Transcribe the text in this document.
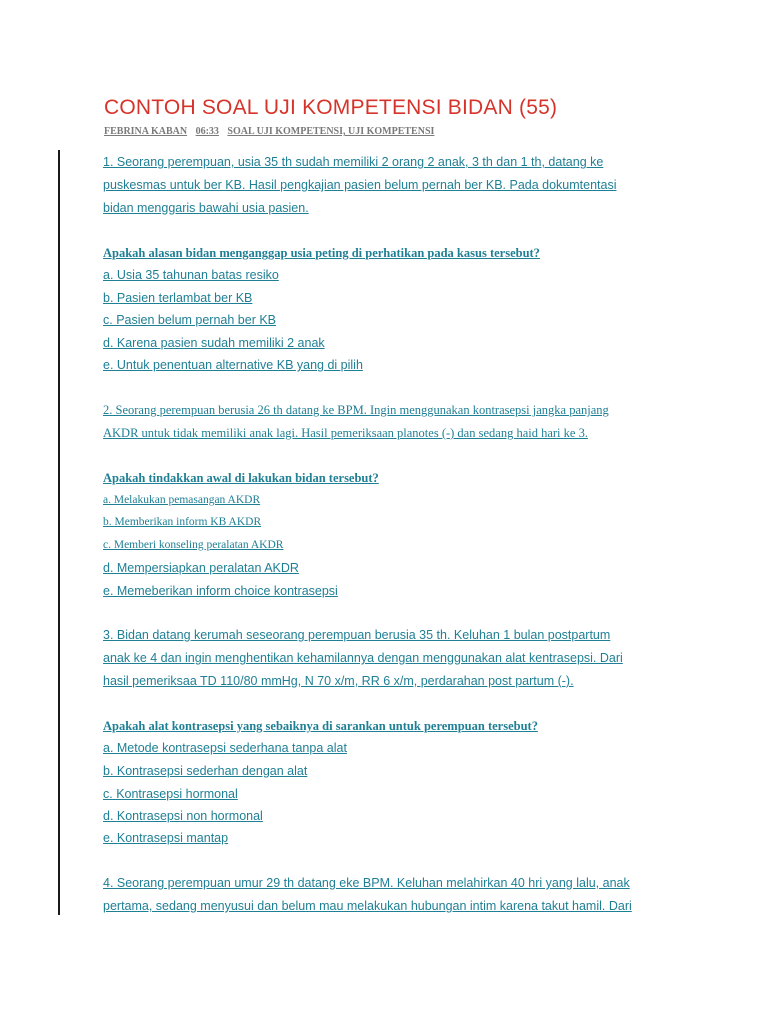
CONTOH SOAL UJI KOMPETENSI BIDAN (55)
FEBRINA KABAN 06:33 SOAL UJI KOMPETENSI, UJI KOMPETENSI
1. Seorang perempuan, usia 35 th sudah memiliki 2 orang 2 anak, 3 th dan 1 th, datang ke
puskesmas untuk ber KB. Hasil pengkajian pasien belum pernah ber KB. Pada dokumtentasi
bidan menggaris bawahi usia pasien.
Apakah alasan bidan menganggap usia peting di perhatikan pada kasus tersebut?
a. Usia 35 tahunan batas resiko
b. Pasien terlambat ber KB
c. Pasien belum pernah ber KB
d. Karena pasien sudah memiliki 2 anak
e. Untuk penentuan alternative KB yang di pilih
2. Seorang perempuan berusia 26 th datang ke BPM. Ingin menggunakan kontrasepsi jangka panjang
AKDR untuk tidak memiliki anak lagi. Hasil pemeriksaan planotes (-) dan sedang haid hari ke 3.
Apakah tindakkan awal di lakukan bidan tersebut?
a. Melakukan pemasangan AKDR
b. Memberikan inform KB AKDR
c. Memberi konseling peralatan AKDR
d. Mempersiapkan peralatan AKDR
e. Memeberikan inform choice kontrasepsi
3. Bidan datang kerumah seseorang perempuan berusia 35 th. Keluhan 1 bulan postpartum
anak ke 4 dan ingin menghentikan kehamilannya dengan menggunakan alat kentrasepsi. Dari
hasil pemeriksaa TD 110/80 mmHg, N 70 x/m, RR 6 x/m, perdarahan post partum (-).
Apakah alat kontrasepsi yang sebaiknya di sarankan untuk perempuan tersebut?
a. Metode kontrasepsi sederhana tanpa alat
b. Kontrasepsi sederhan dengan alat
c. Kontrasepsi hormonal
d. Kontrasepsi non hormonal
e. Kontrasepsi mantap
4. Seorang perempuan umur 29 th datang eke BPM. Keluhan melahirkan 40 hri yang lalu, anak
pertama, sedang menyusui dan belum mau melakukan hubungan intim karena takut hamil. Dari
